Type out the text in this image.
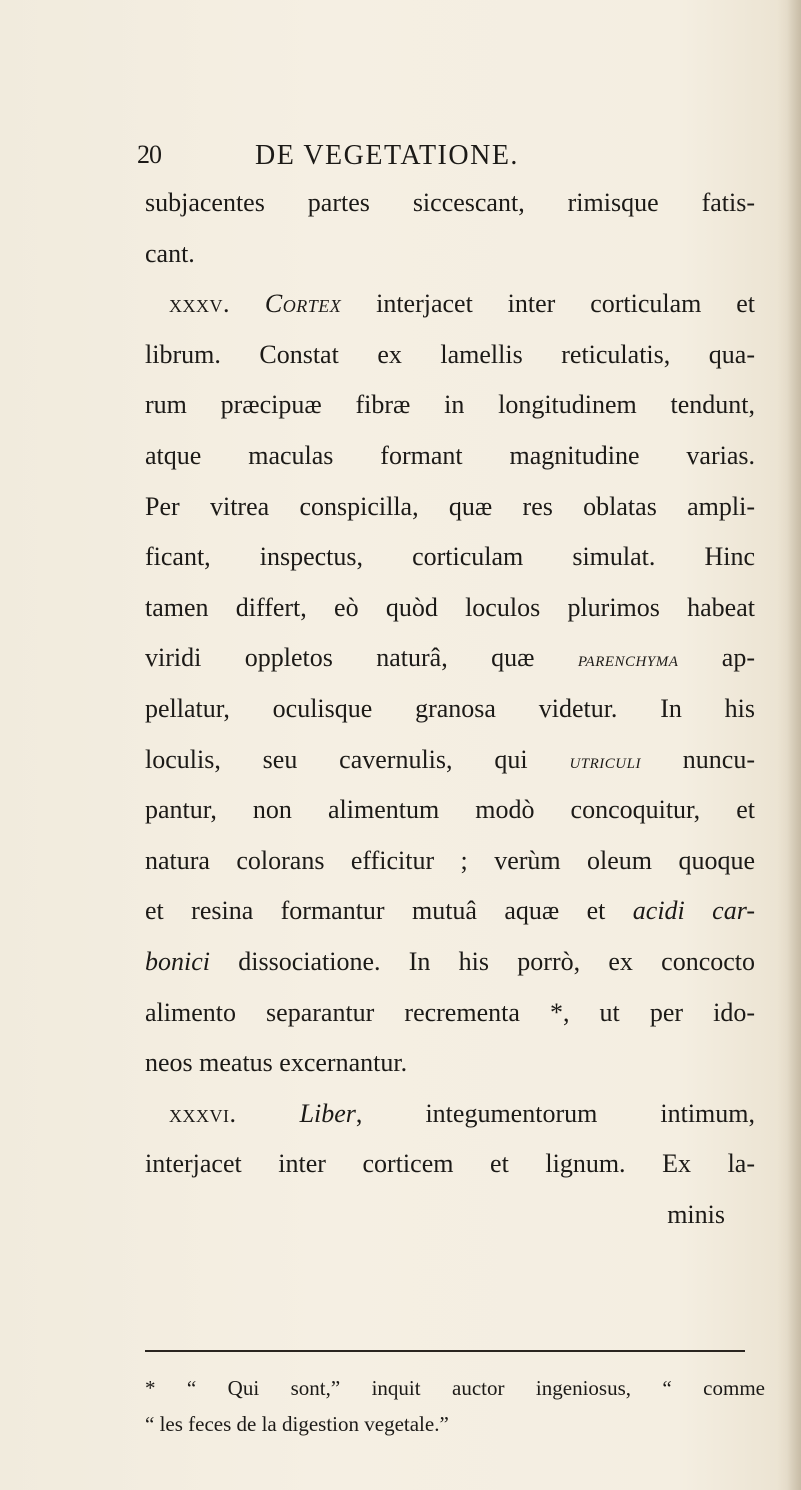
20	DE VEGETATIONE.
subjacentes partes siccescant, rimisque fatis-
cant.
xxxv. Cortex interjacet inter corticulam et
librum. Constat ex lamellis reticulatis, qua-
rum præcipuæ fibræ in longitudinem tendunt,
atque maculas formant magnitudine varias.
Per vitrea conspicilla, quæ res oblatas ampli-
ficant, inspectus, corticulam simulat. Hinc
tamen differt, eò quòd loculos plurimos habeat
viridi oppletos naturâ, quæ parenchyma ap-
pellatur, oculisque granosa videtur. In his
loculis, seu cavernulis, qui utriculi nuncu-
pantur, non alimentum modò concoquitur, et
natura colorans efficitur ; verùm oleum quoque
et resina formantur mutuâ aquæ et acidi car-
bonici dissociatione. In his porrò, ex concocto
alimento separantur recrementa *, ut per ido-
neos meatus excernantur.
xxxvi. Liber, integumentorum intimum,
interjacet inter corticem et lignum. Ex la-
minis
* “ Qui sont,” inquit auctor ingeniosus, “ comme
“ les feces de la digestion vegetale.”
